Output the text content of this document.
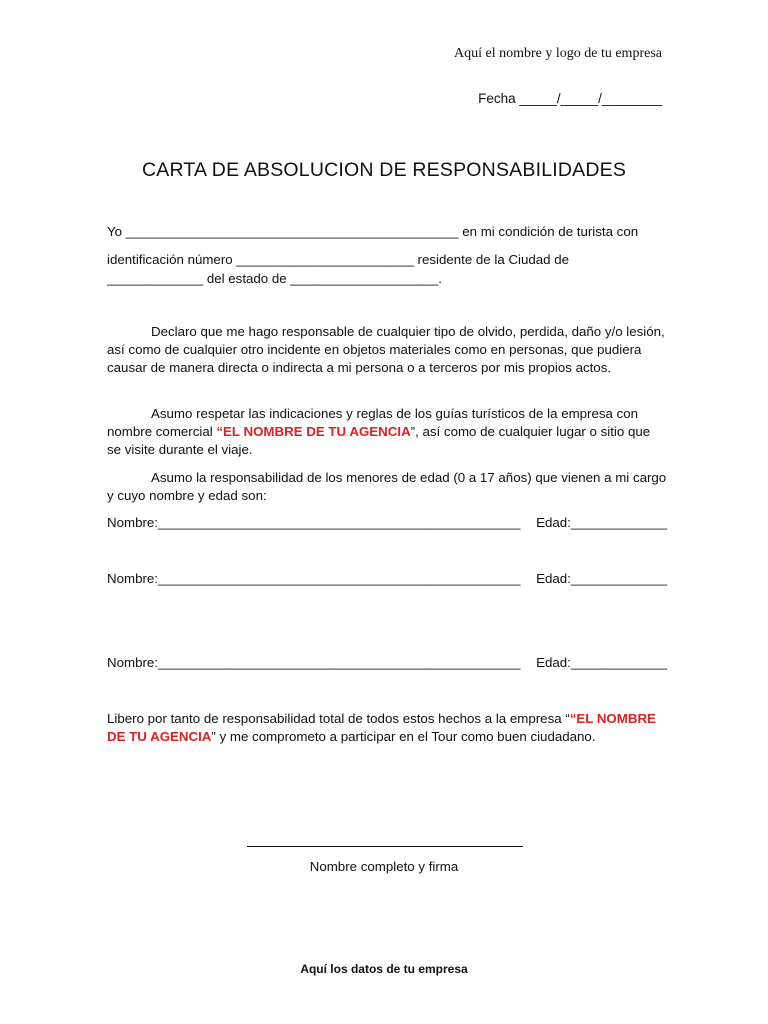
Aquí el nombre y logo de tu empresa
Fecha _____/_____/________
CARTA DE ABSOLUCION DE RESPONSABILIDADES
Yo _____________________________________________ en mi condición de turista con
identificación número ________________________ residente de la Ciudad de
_____________ del estado de ____________________.
Declaro que me hago responsable de cualquier tipo de olvido, perdida, daño y/o lesión, así como de cualquier otro incidente en objetos materiales como en personas, que pudiera causar de manera directa o indirecta a mi persona o a terceros por mis propios actos.
Asumo respetar las indicaciones y reglas de los guías turísticos de la empresa con nombre comercial “EL NOMBRE DE TU AGENCIA”, así como de cualquier lugar o sitio que se visite durante el viaje.
Asumo la responsabilidad de los menores de edad (0 a 17 años) que vienen a mi cargo y cuyo nombre y edad son:
Nombre:_________________________________________________ Edad:_____________
Nombre:_________________________________________________ Edad:_____________
Nombre:_________________________________________________ Edad:_____________
Libero por tanto de responsabilidad total de todos estos hechos a la empresa ““EL NOMBRE DE TU AGENCIA” y me comprometo a participar en el Tour como buen ciudadano.
Nombre completo y firma
Aquí los datos de tu empresa
